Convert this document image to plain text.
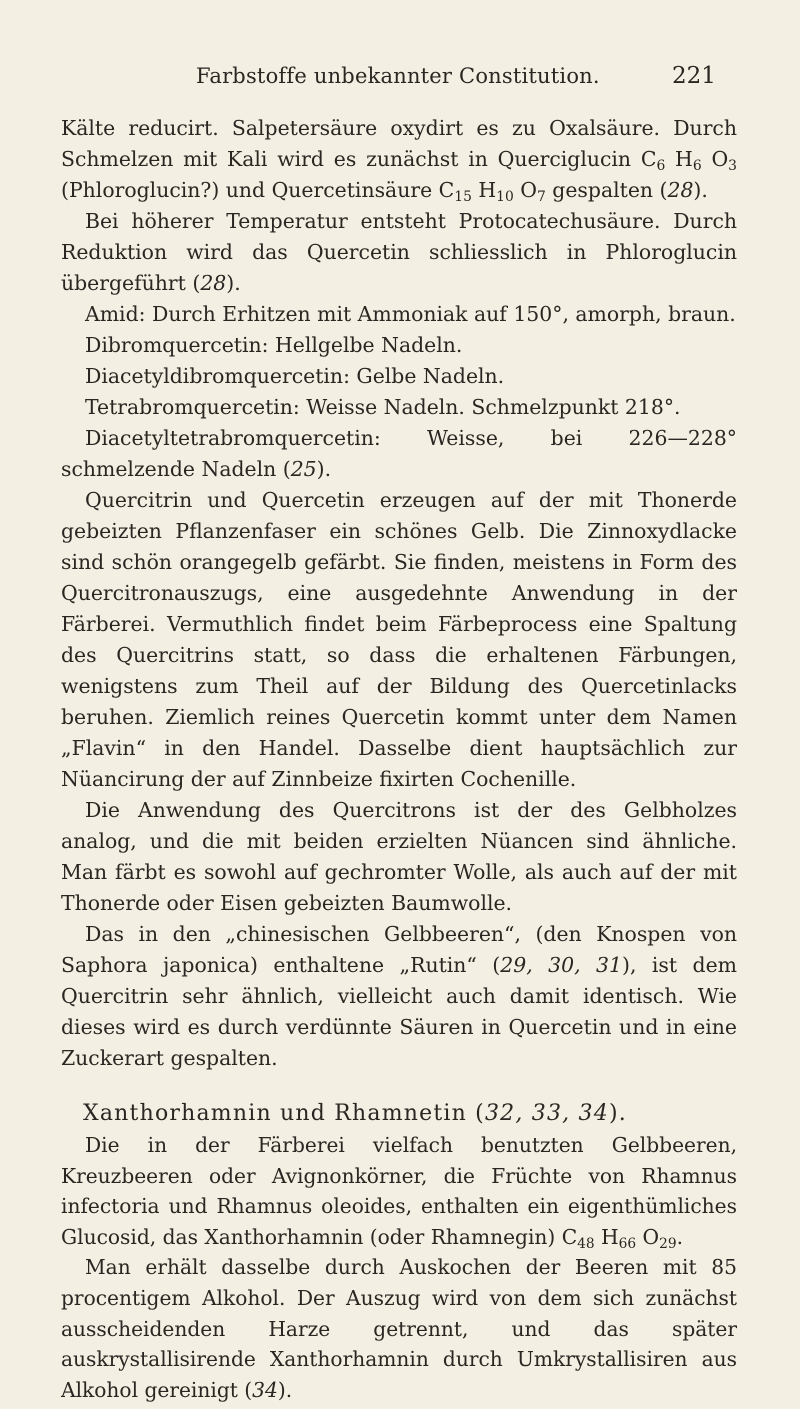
Farbstoffe unbekannter Constitution.	221

Kälte reducirt. Salpetersäure oxydirt es zu Oxalsäure. Durch Schmelzen mit Kali wird es zunächst in Querciglucin $C_6$ $H_6$ $O_3$ (Phloroglucin?) und Quercetinsäure $C_{15}$ $H_{10}$ $O_7$ gespalten (28).

Bei höherer Temperatur entsteht Protocatechusäure. Durch Reduktion wird das Quercetin schliesslich in Phloroglucin übergeführt (28).

Amid: Durch Erhitzen mit Ammoniak auf 150°, amorph, braun.

Dibromquercetin: Hellgelbe Nadeln.

Diacetyldibromquercetin: Gelbe Nadeln.

Tetrabromquercetin: Weisse Nadeln. Schmelzpunkt 218°.

Diacetyltetrabromquercetin: Weisse, bei 226—228° schmelzende Nadeln (25).

Quercitrin und Quercetin erzeugen auf der mit Thonerde gebeizten Pflanzenfaser ein schönes Gelb. Die Zinnoxydlacke sind schön orangegelb gefärbt. Sie finden, meistens in Form des Quercitronauszugs, eine ausgedehnte Anwendung in der Färberei. Vermuthlich findet beim Färbeprocess eine Spaltung des Quercitrins statt, so dass die erhaltenen Färbungen, wenigstens zum Theil auf der Bildung des Quercetinlacks beruhen. Ziemlich reines Quercetin kommt unter dem Namen „Flavin“ in den Handel. Dasselbe dient hauptsächlich zur Nüancirung der auf Zinnbeize fixirten Cochenille.

Die Anwendung des Quercitrons ist der des Gelbholzes analog, und die mit beiden erzielten Nüancen sind ähnliche. Man färbt es sowohl auf gechromter Wolle, als auch auf der mit Thonerde oder Eisen gebeizten Baumwolle.

Das in den „chinesischen Gelbbeeren“, (den Knospen von Saphora japonica) enthaltene „Rutin“ (29, 30, 31), ist dem Quercitrin sehr ähnlich, vielleicht auch damit identisch. Wie dieses wird es durch verdünnte Säuren in Quercetin und in eine Zuckerart gespalten.

Xanthorhamnin und Rhamnetin (32, 33, 34).

Die in der Färberei vielfach benutzten Gelbbeeren, Kreuzbeeren oder Avignonkörner, die Früchte von Rhamnus infectoria und Rhamnus oleoides, enthalten ein eigenthümliches Glucosid, das Xanthorhamnin (oder Rhamnegin) $C_{48}$ $H_{66}$ $O_{29}$.

Man erhält dasselbe durch Auskochen der Beeren mit 85 procentigem Alkohol. Der Auszug wird von dem sich zunächst ausscheidenden Harze getrennt, und das später auskrystallisirende Xanthorhamnin durch Umkrystallisiren aus Alkohol gereinigt (34).
